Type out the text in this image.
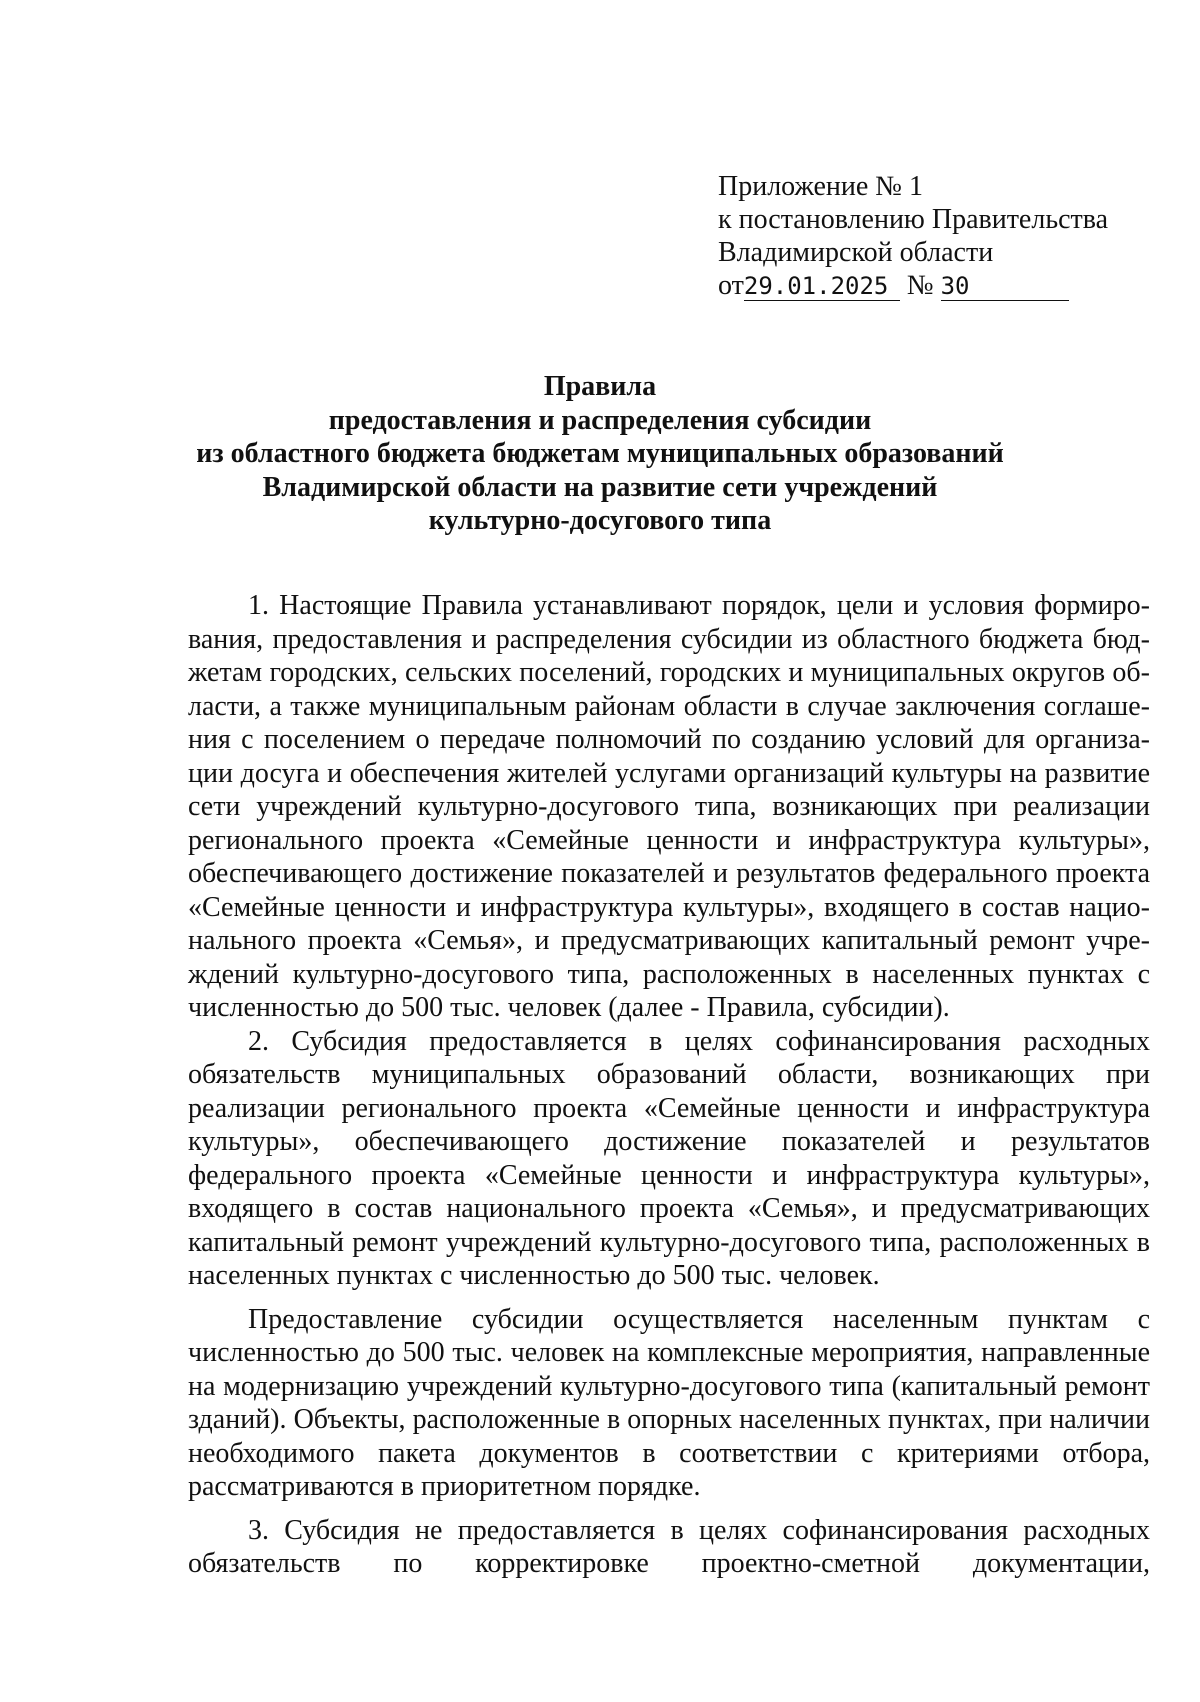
Приложение № 1
к постановлению Правительства
Владимирской области
от29.01.2025 № 30
Правила
предоставления и распределения субсидии
из областного бюджета бюджетам муниципальных образований
Владимирской области на развитие сети учреждений
культурно-досугового типа

1. Настоящие Правила устанавливают порядок, цели и условия формирования, предоставления и распределения субсидии из областного бюджета бюджетам городских, сельских поселений, городских и муниципальных округов области, а также муниципальным районам области в случае заключения соглашения с поселением о передаче полномочий по созданию условий для организации досуга и обеспечения жителей услугами организаций культуры на развитие сети учреждений культурно-досугового типа, возникающих при реализации регионального проекта «Семейные ценности и инфраструктура культуры», обеспечивающего достижение показателей и результатов федерального проекта «Семейные ценности и инфраструктура культуры», входящего в состав национального проекта «Семья», и предусматривающих капитальный ремонт учреждений культурно-досугового типа, расположенных в населенных пунктах с численностью до 500 тыс. человек (далее - Правила, субсидии).

2. Субсидия предоставляется в целях софинансирования расходных обязательств муниципальных образований области, возникающих при реализации регионального проекта «Семейные ценности и инфраструктура культуры», обеспечивающего достижение показателей и результатов федерального проекта «Семейные ценности и инфраструктура культуры», входящего в состав национального проекта «Семья», и предусматривающих капитальный ремонт учреждений культурно-досугового типа, расположенных в населенных пунктах с численностью до 500 тыс. человек.

Предоставление субсидии осуществляется населенным пунктам с численностью до 500 тыс. человек на комплексные мероприятия, направленные на модернизацию учреждений культурно-досугового типа (капитальный ремонт зданий). Объекты, расположенные в опорных населенных пунктах, при наличии необходимого пакета документов в соответствии с критериями отбора, рассматриваются в приоритетном порядке.

3. Субсидия не предоставляется в целях софинансирования расходных обязательств по корректировке проектно-сметной документации,
